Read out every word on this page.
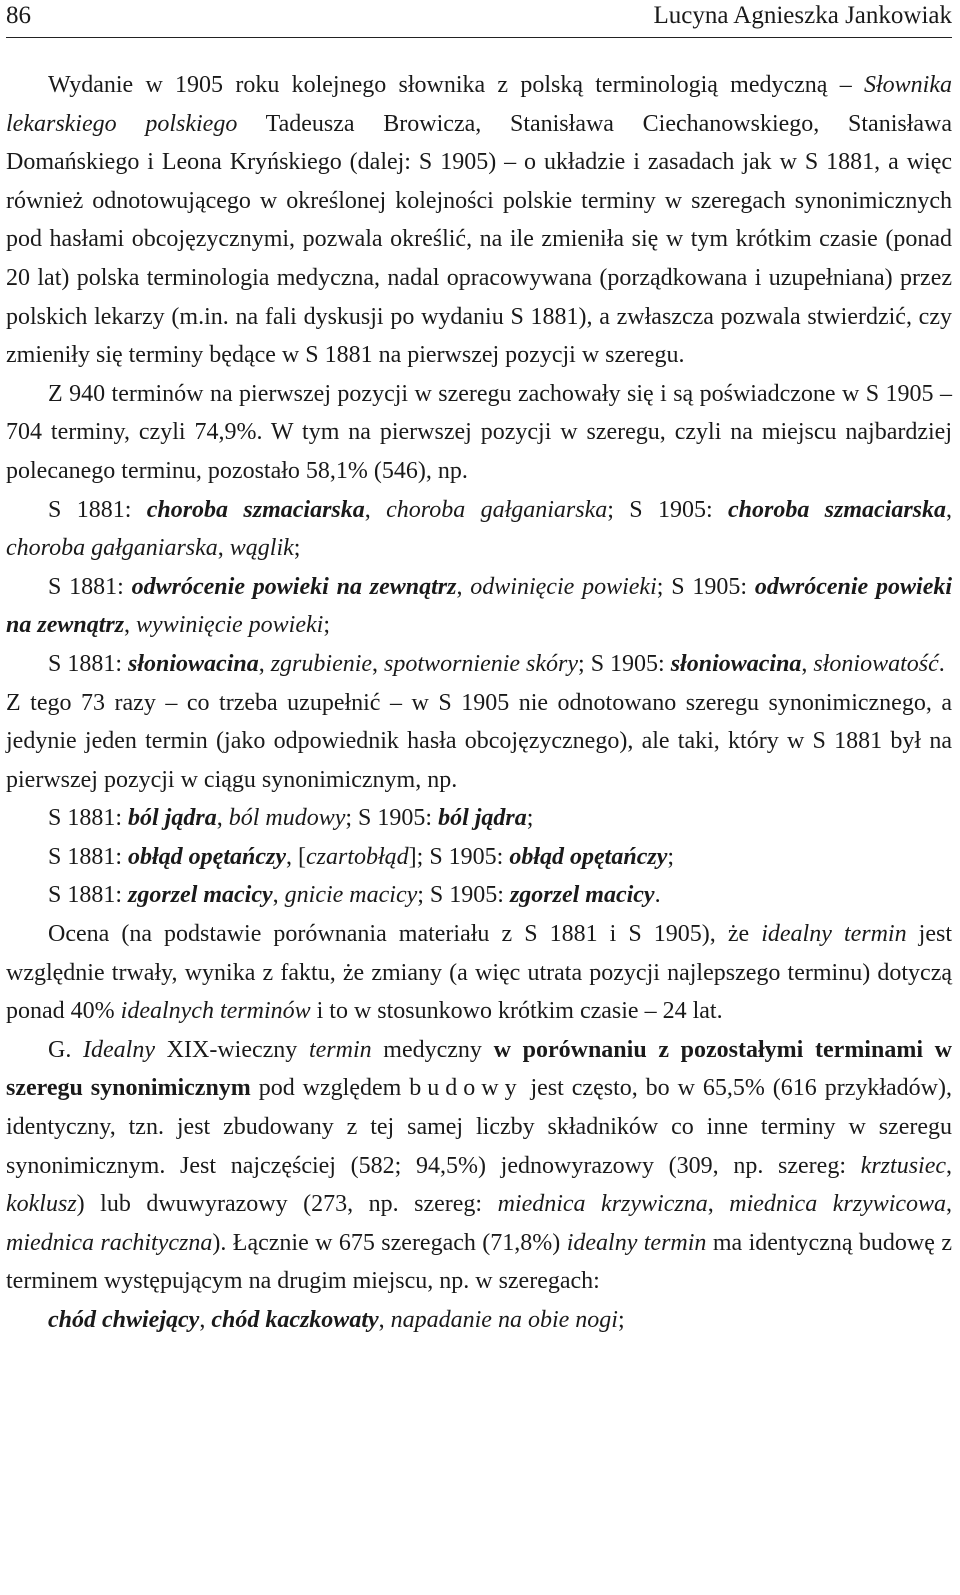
86	Lucyna Agnieszka Jankowiak

Wydanie w 1905 roku kolejnego słownika z polską terminologią medyczną – Słownika lekarskiego polskiego Tadeusza Browicza, Stanisława Ciechanowskiego, Stanisława Domańskiego i Leona Kryńskiego (dalej: S 1905) – o układzie i zasadach jak w S 1881, a więc również odnotowującego w określonej kolejności polskie terminy w szeregach synonimicznych pod hasłami obcojęzycznymi, pozwala określić, na ile zmieniła się w tym krótkim czasie (ponad 20 lat) polska terminologia medyczna, nadal opracowywana (porządkowana i uzupełniana) przez polskich lekarzy (m.in. na fali dyskusji po wydaniu S 1881), a zwłaszcza pozwala stwierdzić, czy zmieniły się terminy będące w S 1881 na pierwszej pozycji w szeregu.

Z 940 terminów na pierwszej pozycji w szeregu zachowały się i są poświadczone w S 1905 – 704 terminy, czyli 74,9%. W tym na pierwszej pozycji w szeregu, czyli na miejscu najbardziej polecanego terminu, pozostało 58,1% (546), np.

S 1881: choroba szmaciarska, choroba gałganiarska; S 1905: choroba szmaciarska, choroba gałganiarska, wąglik;

S 1881: odwrócenie powieki na zewnątrz, odwinięcie powieki; S 1905: odwrócenie powieki na zewnątrz, wywinięcie powieki;

S 1881: słoniowacina, zgrubienie, spotwornienie skóry; S 1905: słoniowacina, słoniowatość.

Z tego 73 razy – co trzeba uzupełnić – w S 1905 nie odnotowano szeregu synonimicznego, a jedynie jeden termin (jako odpowiednik hasła obcojęzycznego), ale taki, który w S 1881 był na pierwszej pozycji w ciągu synonimicznym, np.

S 1881: ból jądra, ból mudowy; S 1905: ból jądra;

S 1881: obłąd opętańczy, [czartobłąd]; S 1905: obłąd opętańczy;

S 1881: zgorzel macicy, gnicie macicy; S 1905: zgorzel macicy.

Ocena (na podstawie porównania materiału z S 1881 i S 1905), że idealny termin jest względnie trwały, wynika z faktu, że zmiany (a więc utrata pozycji najlepszego terminu) dotyczą ponad 40% idealnych terminów i to w stosunkowo krótkim czasie – 24 lat.

G. Idealny XIX-wieczny termin medyczny w porównaniu z pozostałymi terminami w szeregu synonimicznym pod względem budowy jest często, bo w 65,5% (616 przykładów), identyczny, tzn. jest zbudowany z tej samej liczby składników co inne terminy w szeregu synonimicznym. Jest najczęściej (582; 94,5%) jednowyrazowy (309, np. szereg: krztusiec, koklusz) lub dwuwyrazowy (273, np. szereg: miednica krzywiczna, miednica krzywicowa, miednica rachityczna). Łącznie w 675 szeregach (71,8%) idealny termin ma identyczną budowę z terminem występującym na drugim miejscu, np. w szeregach:

chód chwiejący, chód kaczkowaty, napadanie na obie nogi;
